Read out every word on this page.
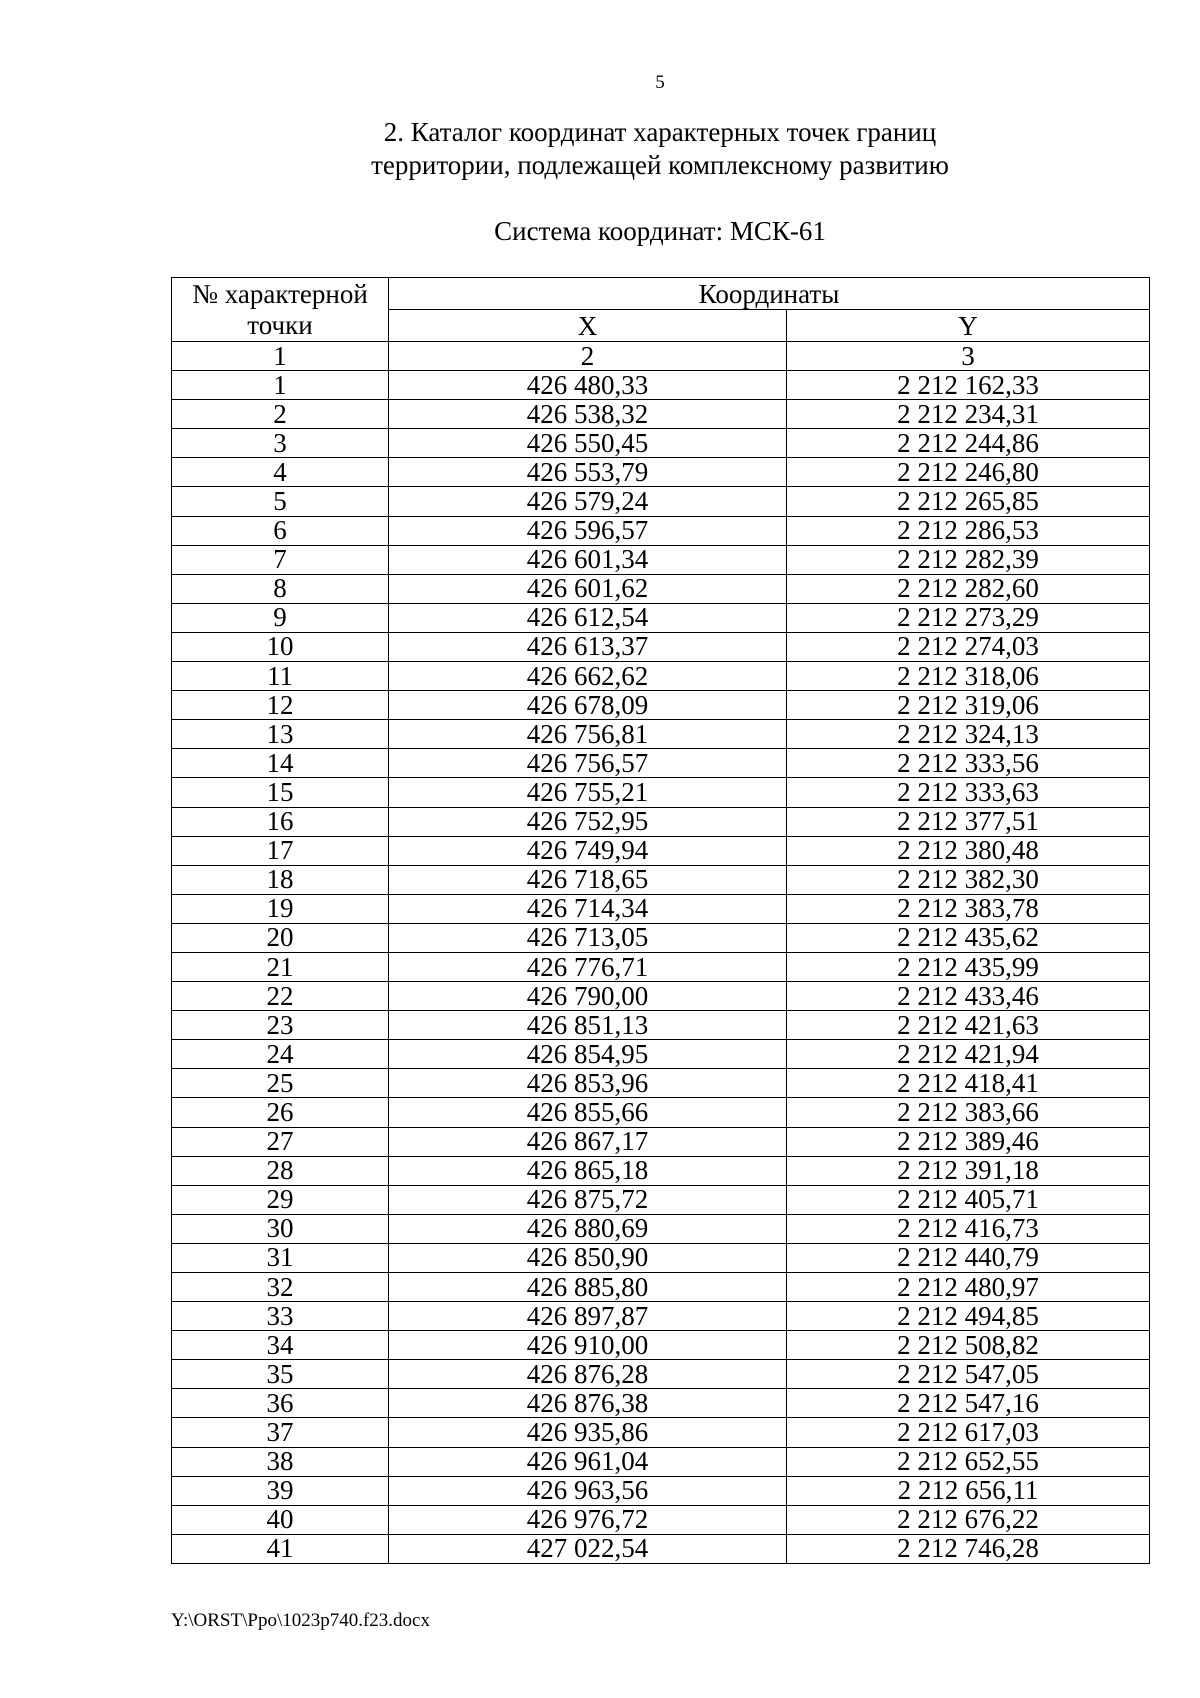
5
2. Каталог координат характерных точек границ
территории, подлежащей комплексному развитию
Система координат: МСК-61
№ характерной
точки	Координаты	
	X	Y
1	2	3
1	426 480,33	2 212 162,33
2	426 538,32	2 212 234,31
3	426 550,45	2 212 244,86
4	426 553,79	2 212 246,80
5	426 579,24	2 212 265,85
6	426 596,57	2 212 286,53
7	426 601,34	2 212 282,39
8	426 601,62	2 212 282,60
9	426 612,54	2 212 273,29
10	426 613,37	2 212 274,03
11	426 662,62	2 212 318,06
12	426 678,09	2 212 319,06
13	426 756,81	2 212 324,13
14	426 756,57	2 212 333,56
15	426 755,21	2 212 333,63
16	426 752,95	2 212 377,51
17	426 749,94	2 212 380,48
18	426 718,65	2 212 382,30
19	426 714,34	2 212 383,78
20	426 713,05	2 212 435,62
21	426 776,71	2 212 435,99
22	426 790,00	2 212 433,46
23	426 851,13	2 212 421,63
24	426 854,95	2 212 421,94
25	426 853,96	2 212 418,41
26	426 855,66	2 212 383,66
27	426 867,17	2 212 389,46
28	426 865,18	2 212 391,18
29	426 875,72	2 212 405,71
30	426 880,69	2 212 416,73
31	426 850,90	2 212 440,79
32	426 885,80	2 212 480,97
33	426 897,87	2 212 494,85
34	426 910,00	2 212 508,82
35	426 876,28	2 212 547,05
36	426 876,38	2 212 547,16
37	426 935,86	2 212 617,03
38	426 961,04	2 212 652,55
39	426 963,56	2 212 656,11
40	426 976,72	2 212 676,22
41	427 022,54	2 212 746,28
Y:\ORST\Ppo\1023p740.f23.docx
